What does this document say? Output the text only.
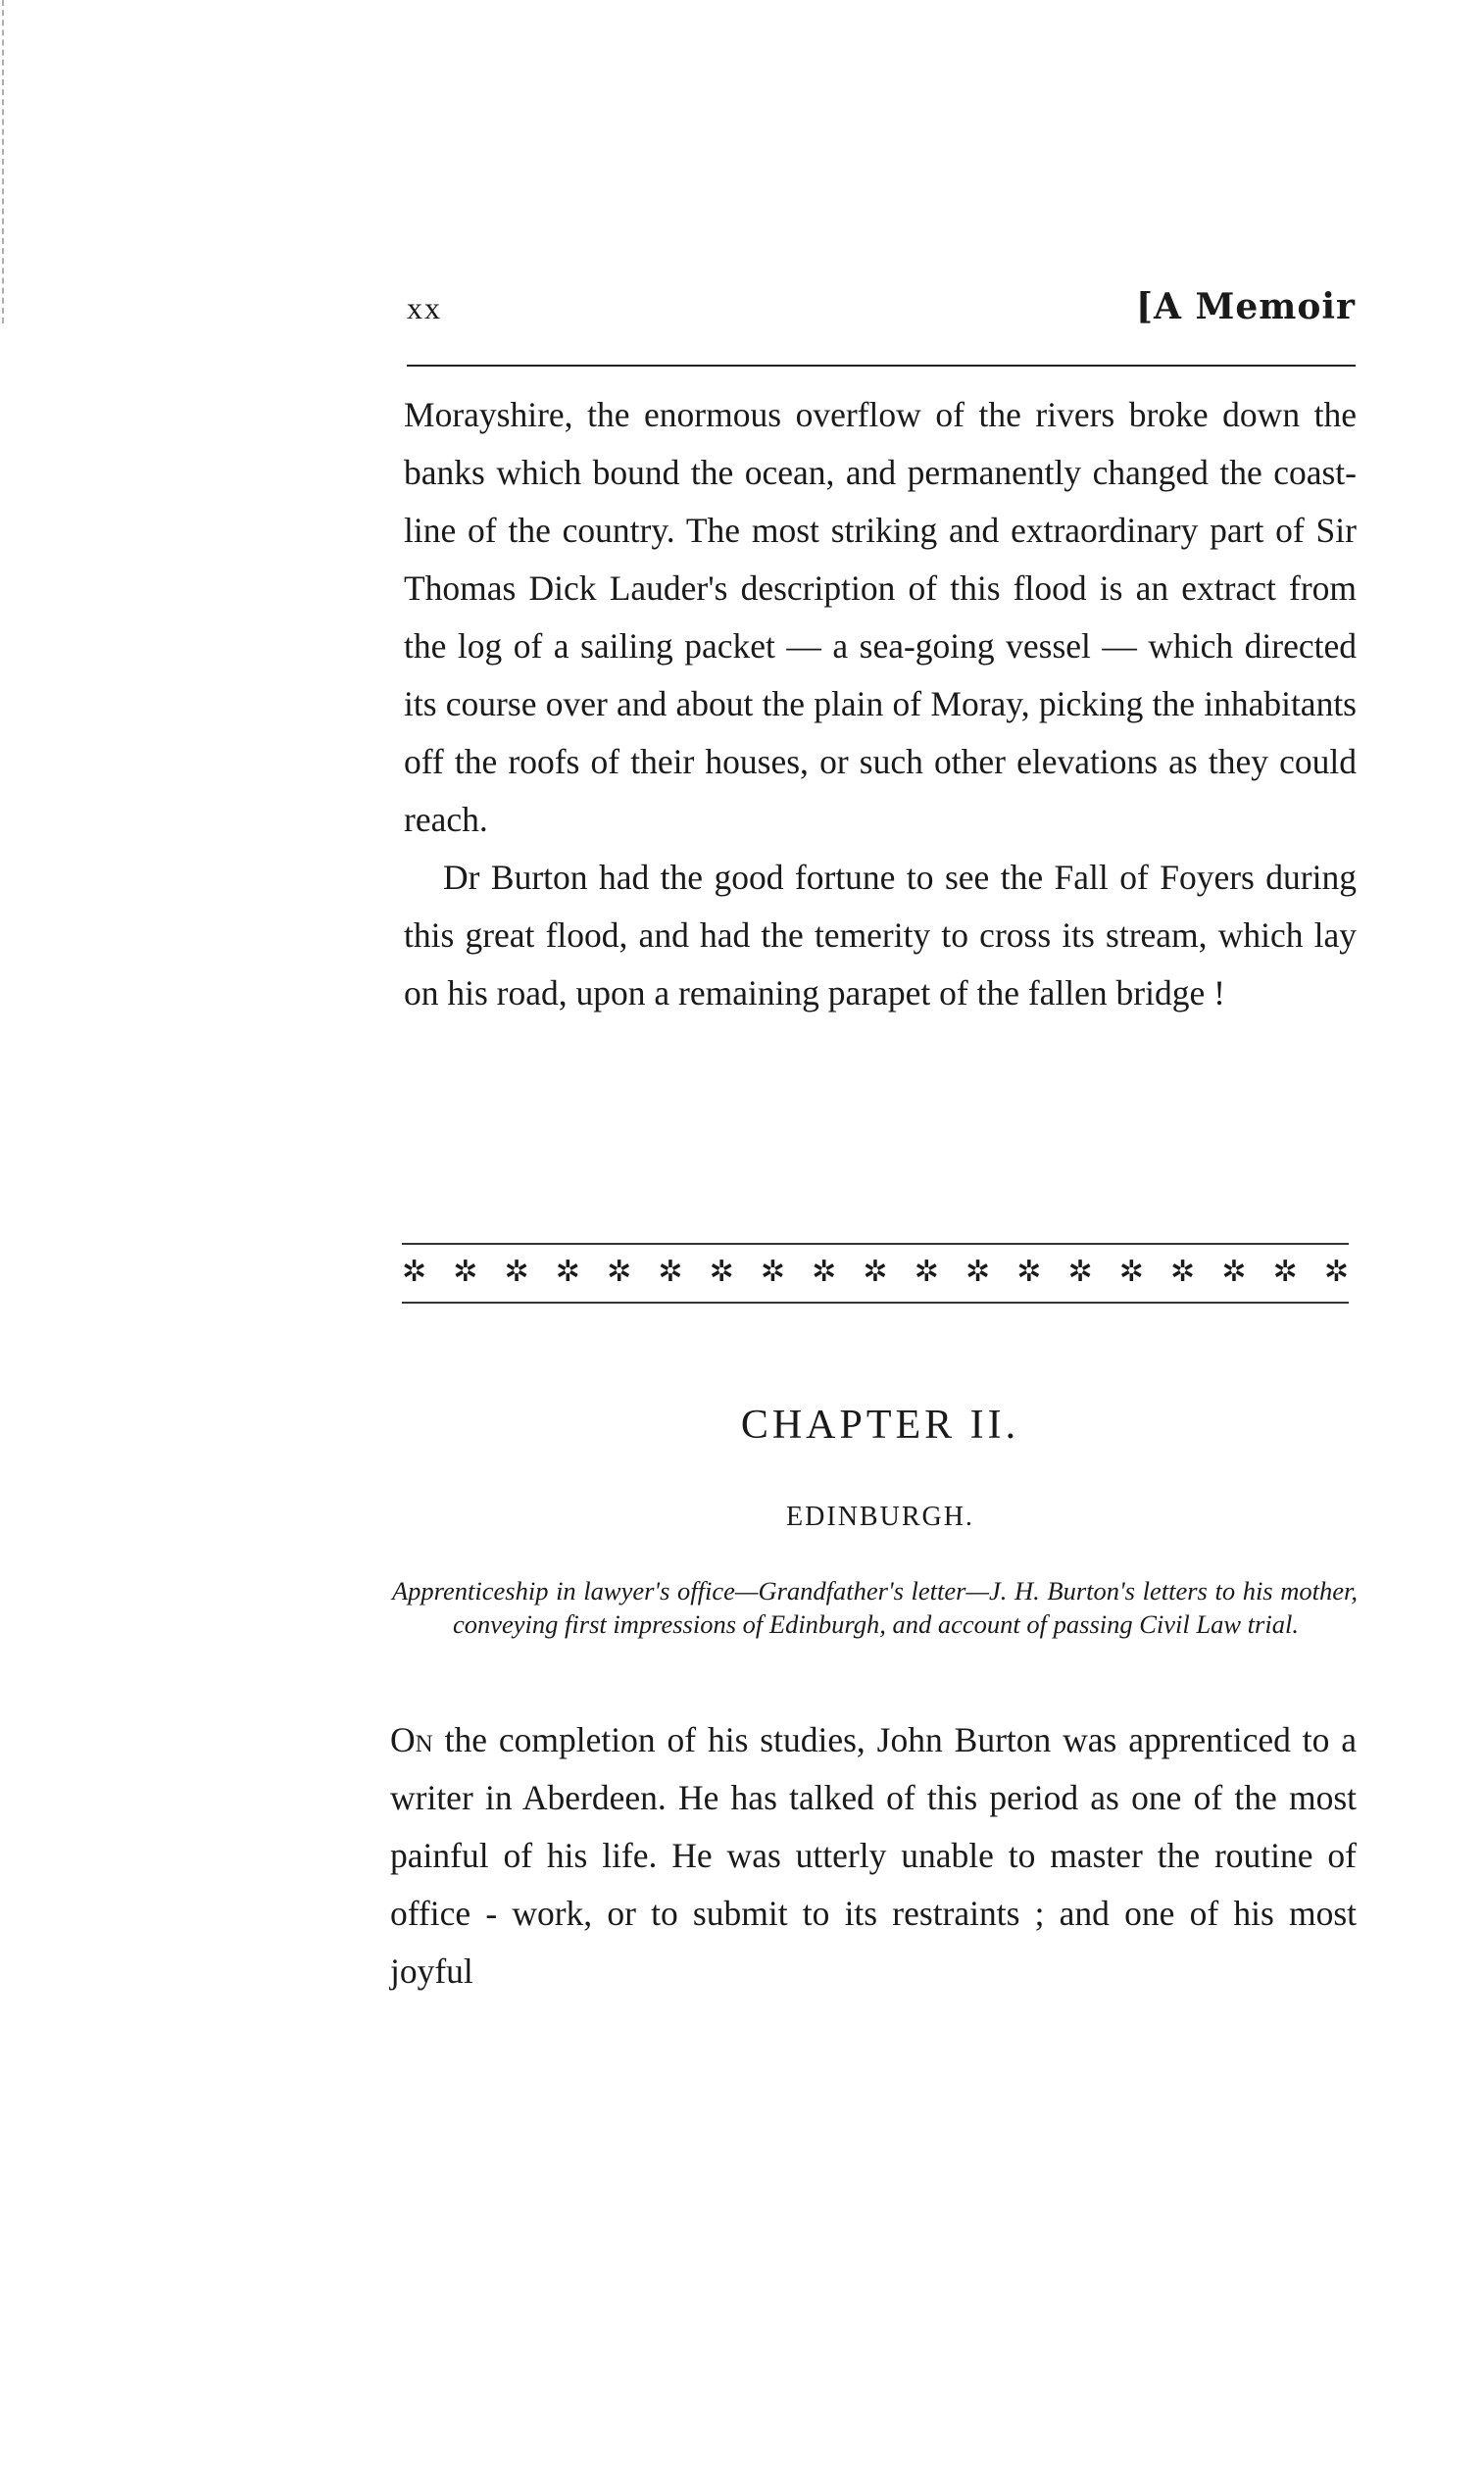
xx	[A Memoir

Morayshire, the enormous overflow of the rivers broke down the banks which bound the ocean, and permanently changed the coast-line of the country. The most striking and extraordinary part of Sir Thomas Dick Lauder's description of this flood is an extract from the log of a sailing packet — a sea-going vessel — which directed its course over and about the plain of Moray, picking the inhabitants off the roofs of their houses, or such other elevations as they could reach.

Dr Burton had the good fortune to see the Fall of Foyers during this great flood, and had the temerity to cross its stream, which lay on his road, upon a remaining parapet of the fallen bridge !

✲ ✲ ✲ ✲ ✲ ✲ ✲ ✲ ✲ ✲ ✲ ✲ ✲ ✲ ✲ ✲ ✲ ✲ ✲
CHAPTER II.
EDINBURGH.

Apprenticeship in lawyer's office—Grandfather's letter—J. H. Burton's letters to his mother, conveying first impressions of Edinburgh, and account of passing Civil Law trial.

On the completion of his studies, John Burton was apprenticed to a writer in Aberdeen. He has talked of this period as one of the most painful of his life. He was utterly unable to master the routine of office - work, or to submit to its restraints ; and one of his most joyful
